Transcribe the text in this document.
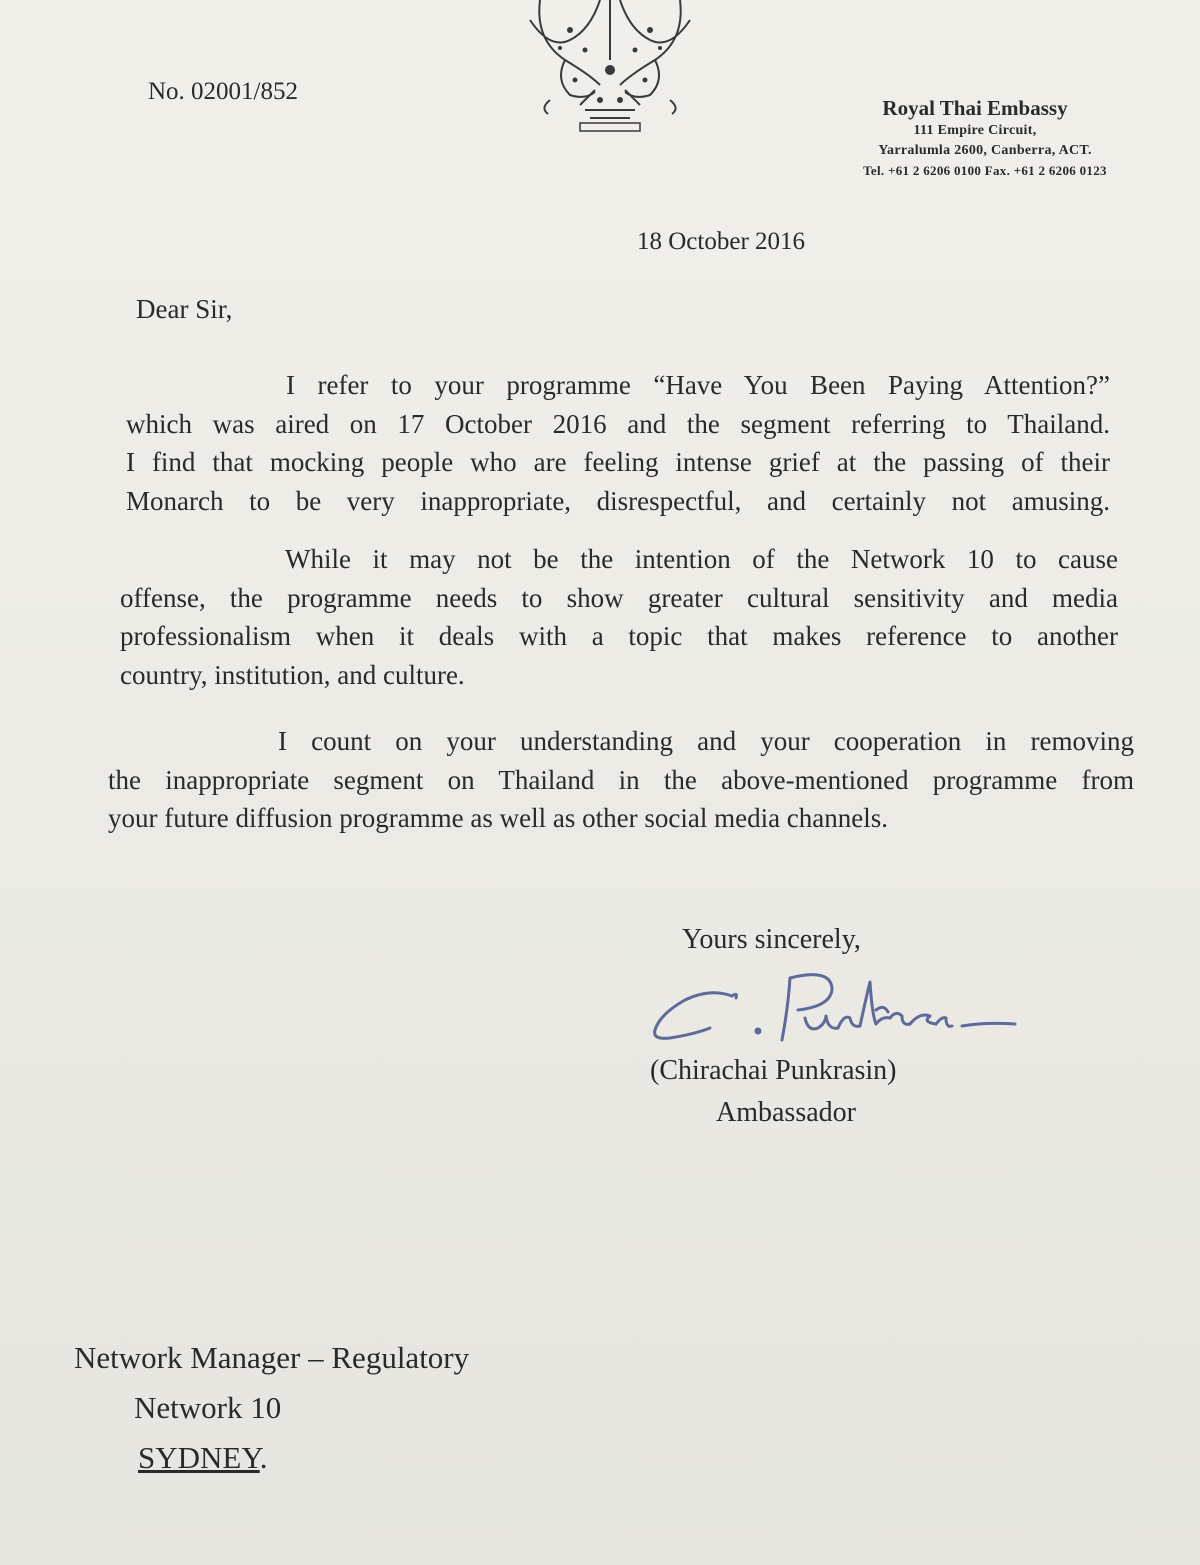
No. 02001/852
Royal Thai Embassy
111 Empire Circuit,
Yarralumla 2600, Canberra, ACT.
Tel. +61 2 6206 0100 Fax. +61 2 6206 0123
18 October 2016
Dear Sir,
I refer to your programme “Have You Been Paying Attention?”
which was aired on 17 October 2016 and the segment referring to Thailand.
I find that mocking people who are feeling intense grief at the passing of their
Monarch to be very inappropriate, disrespectful, and certainly not amusing.
While it may not be the intention of the Network 10 to cause
offense, the programme needs to show greater cultural sensitivity and media
professionalism when it deals with a topic that makes reference to another
country, institution, and culture.
I count on your understanding and your cooperation in removing
the inappropriate segment on Thailand in the above-mentioned programme from
your future diffusion programme as well as other social media channels.
Yours sincerely,
(Chirachai Punkrasin)
Ambassador
Network Manager – Regulatory
Network 10
SYDNEY.
